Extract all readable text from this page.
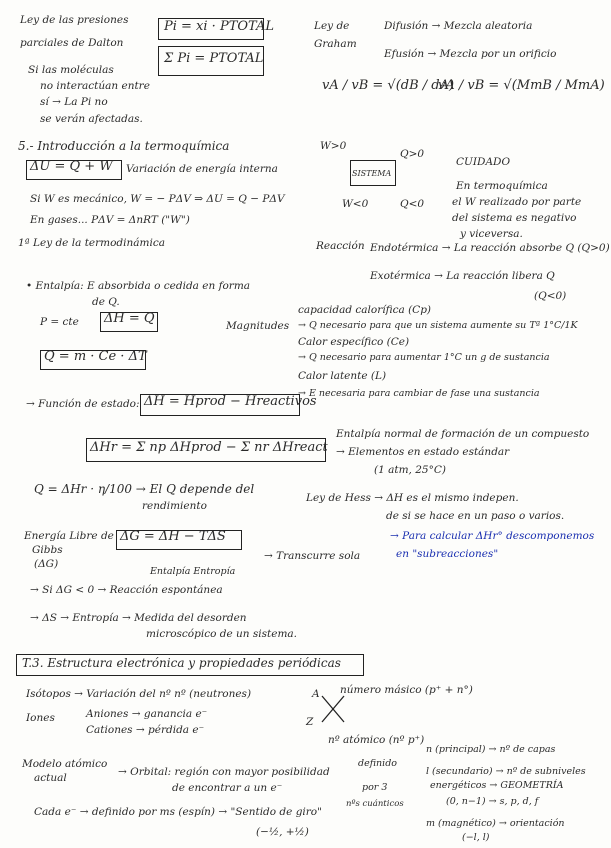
Ley de las presiones
parciales de Dalton
Pi = xi · PTOTAL
Σ Pi = PTOTAL
Si las moléculas
no interactúan entre
sí → La Pi no
se verán afectadas.
Ley de
Graham
Difusión → Mezcla aleatoria
Efusión → Mezcla por un orificio
vA / vB = √(dB / dA)
vA / vB = √(MmB / MmA)
5.- Introducción a la termoquímica
ΔU = Q + W Variación de energía interna
Si W es mecánico, W = − PΔV ⇒ ΔU = Q − PΔV
En gases... PΔV = ΔnRT ("W")
1ª Ley de la termodinámica
W>0
Q>0
SISTEMA
W<0	Q<0
CUIDADO
En termoquímica
el W realizado por parte
del sistema es negativo
y viceversa.
Reacción Endotérmica → La reacción absorbe Q (Q>0)
Exotérmica → La reacción libera Q
(Q<0)
• Entalpía: E absorbida o cedida en forma
de Q.
P = cte ΔH = Q
Q = m · Ce · ΔT
Magnitudes
capacidad calorífica (Cp)
→ Q necesario para que un sistema aumente su Tª 1°C/1K
Calor específico (Ce)
→ Q necesario para aumentar 1°C un g de sustancia
Calor latente (L)
→ E necesaria para cambiar de fase una sustancia
→ Función de estado: ΔH = Hprod − Hreactivos
ΔHr = Σ np ΔHprod − Σ nr ΔHreact
Entalpía normal de formación de un compuesto
→ Elementos en estado estándar
(1 atm, 25°C)
Q = ΔHr · η/100 → El Q depende del
rendimiento
Ley de Hess → ΔH es el mismo indepen.
de si se hace en un paso o varios.
→ Para calcular ΔHr° descomponemos
en "subreacciones"
Energía Libre de
Gibbs
(ΔG)
ΔG = ΔH − TΔS
Entalpía Entropía
→ Transcurre sola
→ Si ΔG < 0 → Reacción espontánea
→ ΔS → Entropía → Medida del desorden
microscópico de un sistema.
T.3. Estructura electrónica y propiedades periódicas
Isótopos → Variación del nº nº (neutrones)
Iones	Aniones → ganancia e⁻
Cationes → pérdida e⁻
A número másico (p⁺ + n°)
Z
nº atómico (nº p⁺)
Modelo atómico
actual	→ Orbital: región con mayor posibilidad
de encontrar a un e⁻
definido
por 3
nºs cuánticos
n (principal) → nº de capas
l (secundario) → nº de subniveles
energéticos → GEOMETRÍA
(0, n−1) → s, p, d, f
m (magnético) → orientación
(−l, l)
Cada e⁻ → definido por ms (espín) → "Sentido de giro"
(−½, +½)
